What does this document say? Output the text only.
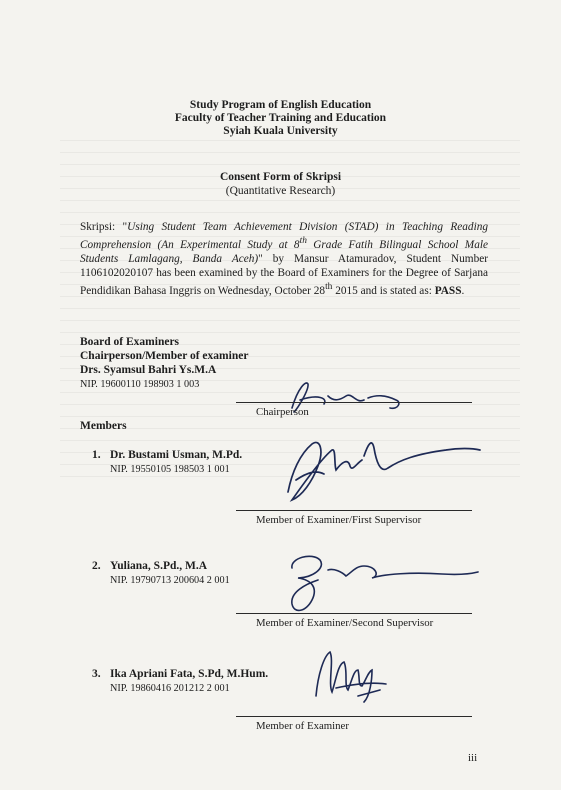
Study Program of English Education
Faculty of Teacher Training and Education
Syiah Kuala University
Consent Form of Skripsi
(Quantitative Research)
Skripsi: "Using Student Team Achievement Division (STAD) in Teaching Reading Comprehension (An Experimental Study at 8th Grade Fatih Bilingual School Male Students Lamlagang, Banda Aceh)" by Mansur Atamuradov, Student Number 1106102020107 has been examined by the Board of Examiners for the Degree of Sarjana Pendidikan Bahasa Inggris on Wednesday, October 28th 2015 and is stated as: PASS.
Board of Examiners
Chairperson/Member of examiner
Drs. Syamsul Bahri Ys.M.A
NIP. 19600110 198903 1 003
Chairperson
Members
1. Dr. Bustami Usman, M.Pd.
NIP. 19550105 198503 1 001
Member of Examiner/First Supervisor
2. Yuliana, S.Pd., M.A
NIP. 19790713 200604 2 001
Member of Examiner/Second Supervisor
3. Ika Apriani Fata, S.Pd, M.Hum.
NIP. 19860416 201212 2 001
Member of Examiner
iii
